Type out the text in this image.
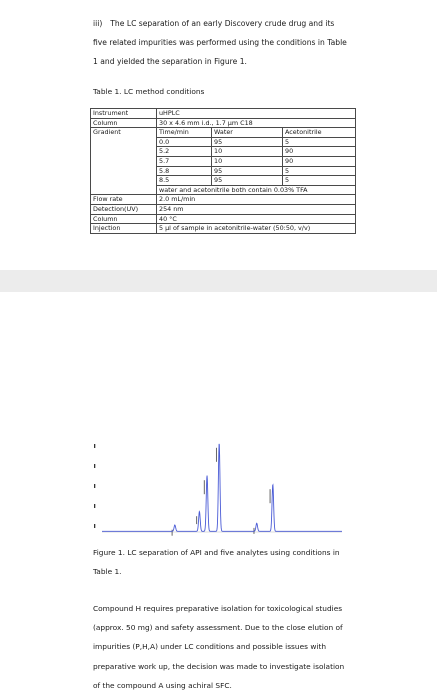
iii) The LC separation of an early Discovery crude drug and its
five related impurities was performed using the conditions in Table
1 and yielded the separation in Figure 1.
Table 1. LC method conditions
Instrument	uHPLC		
Column	30 x 4.6 mm i.d., 1.7 μm C18		
Gradient	Time/min	Water	Acetonitrile
	0.0	95	5
	5.2	10	90
	5.7	10	90
	5.8	95	5
	8.5	95	5
	water and acetonitrile both contain 0.03% TFA		
Flow rate	2.0 mL/min		
Detection(UV)	254 nm		
Column	40 °C		
Injection	5 μl of sample in acetonitrile-water (50:50, v/v)		
Figure 1. LC separation of API and five analytes using conditions in
Table 1.
Compound H requires preparative isolation for toxicological studies
(approx. 50 mg) and safety assessment. Due to the close elution of
impurities (P,H,A) under LC conditions and possible issues with
preparative work up, the decision was made to investigate isolation
of the compound A using achiral SFC.
